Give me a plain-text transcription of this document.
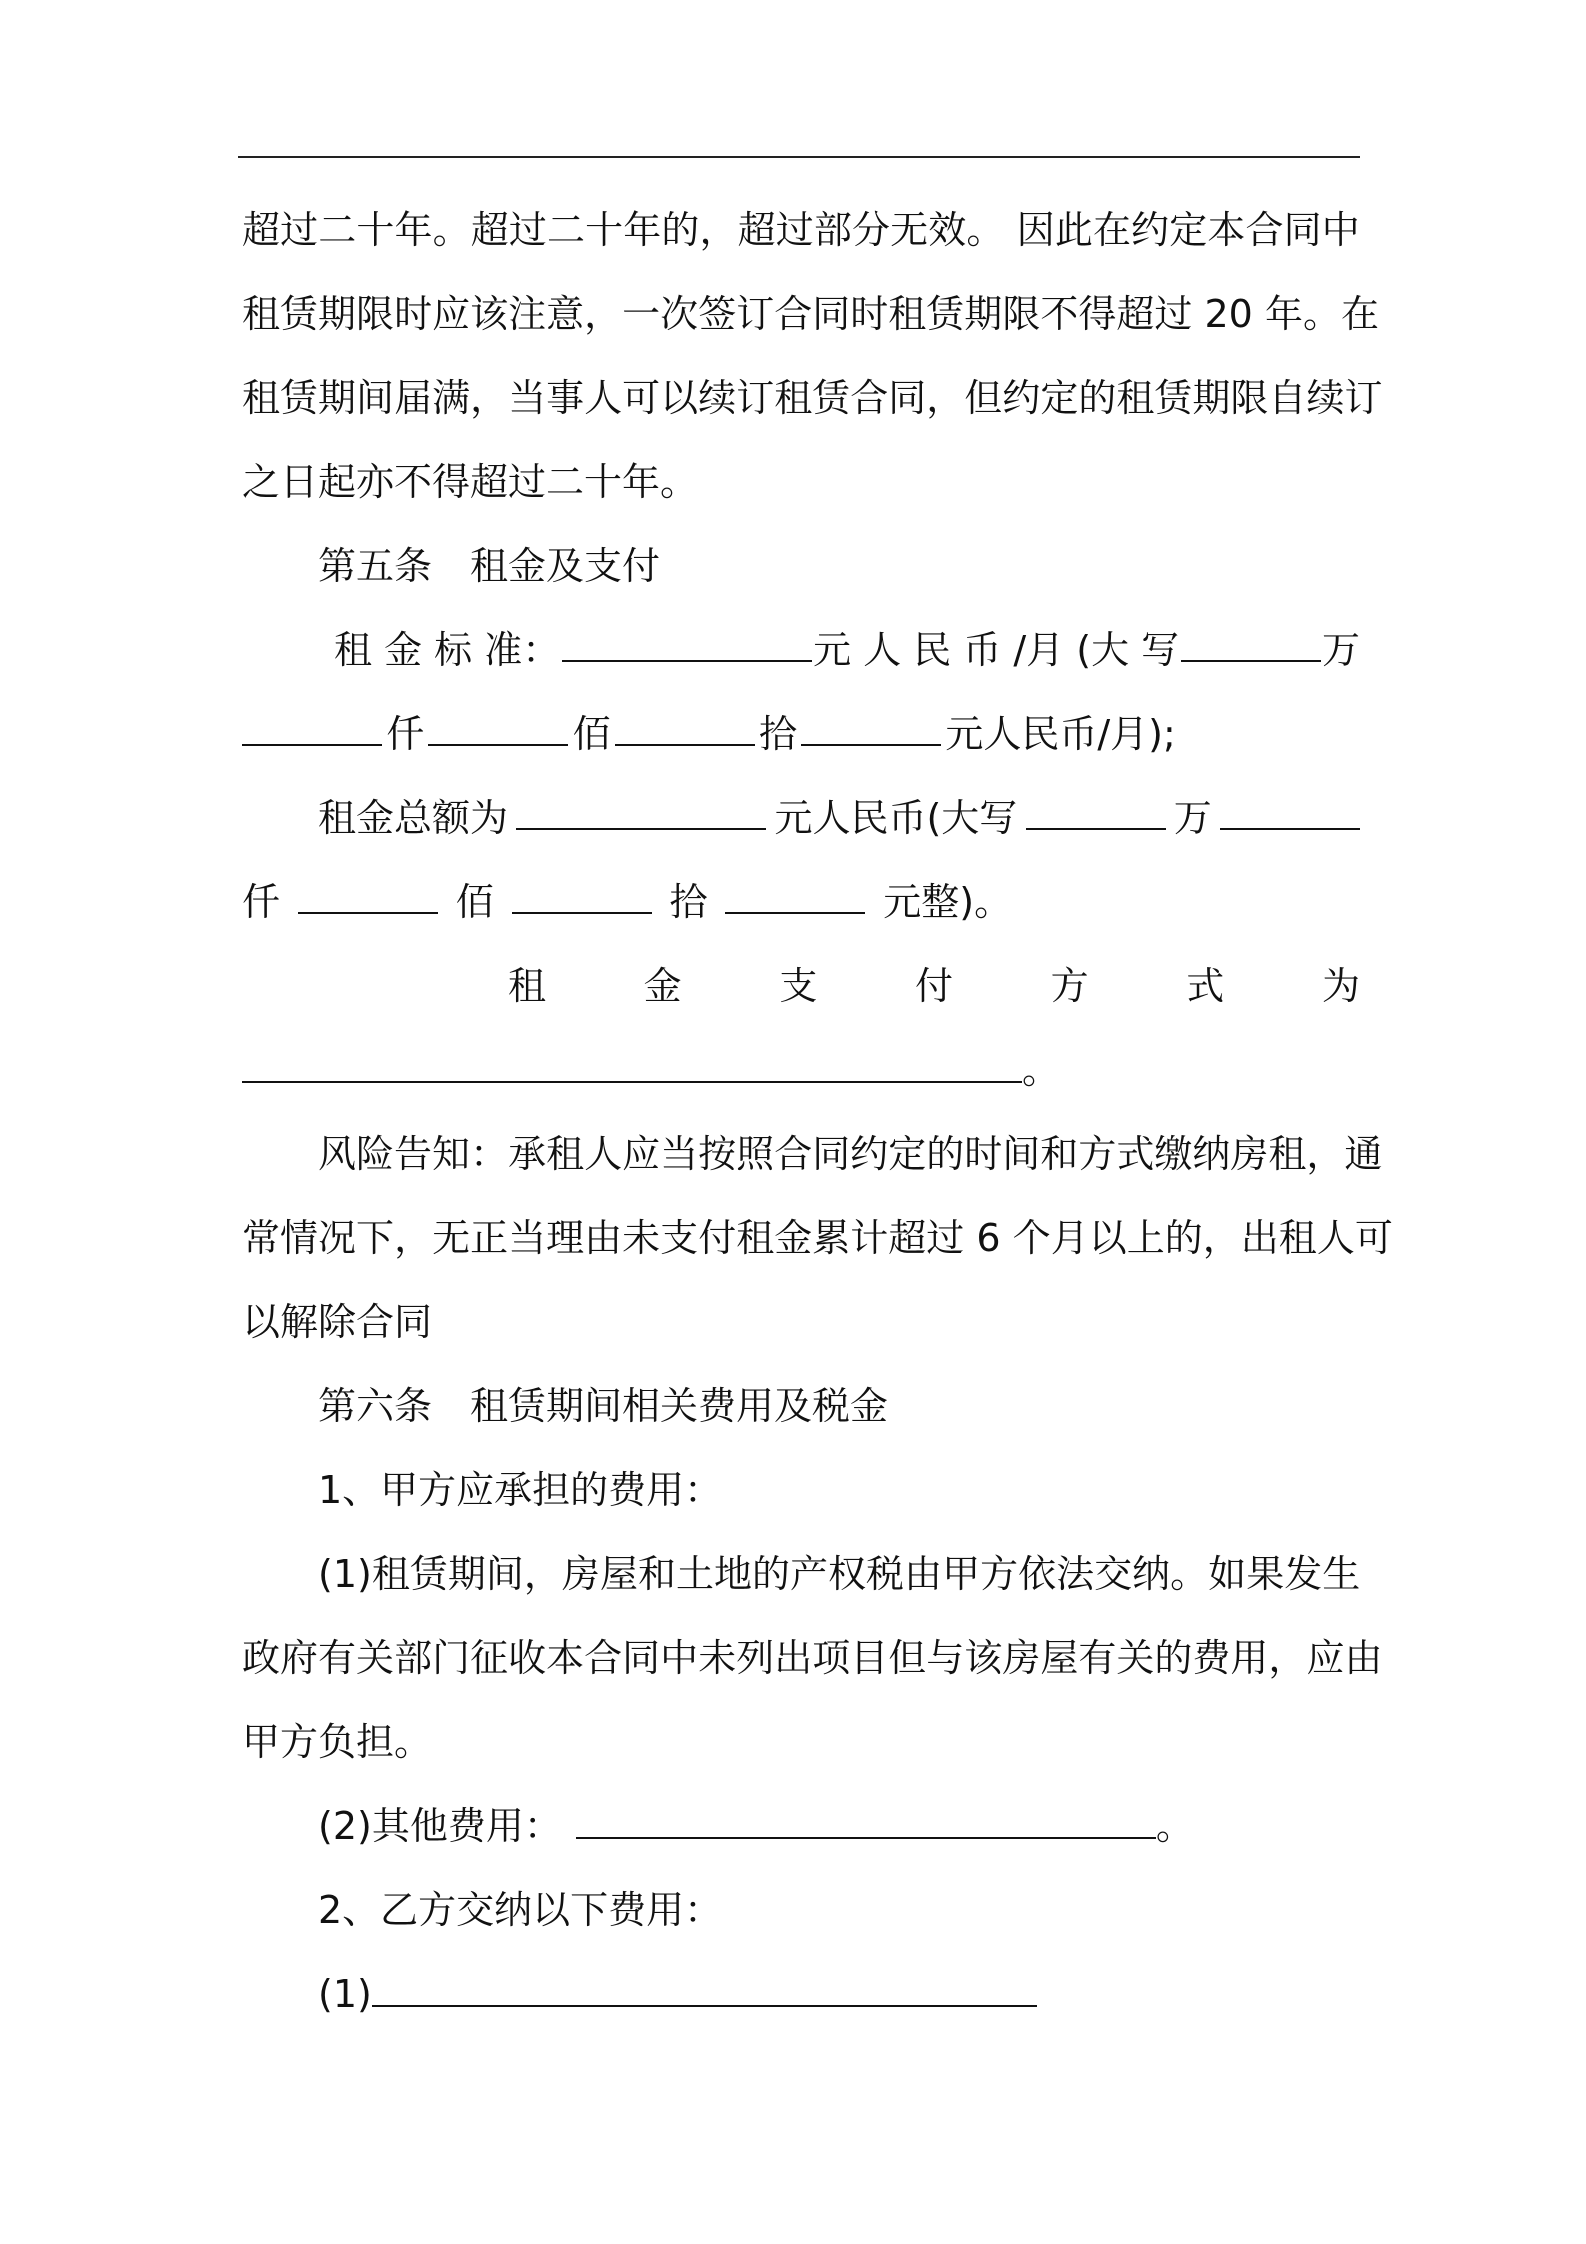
超 过 二 十 年 。 超 过 二 十 年 的 ， 超 过 部 分 无 效 。
因 此 在 约 定 本 合 同 中
租 赁 期 限 时 应 该 注 意 ， 一 次 签 订 合 同 时 租 赁 期 限 不 得 超 过
20
年 。 在
租 赁 期 间 届 满 ， 当 事 人 可 以 续 订 租 赁 合 同 ， 但 约 定 的 租 赁 期 限 自 续 订
之日起亦不得超过二十年。
第五条　租金及支付
租 金 标 准：	元 人 民 币 /月 (大 写	万
仟	佰	拾	元人民币/月);
租金总额为	元人民币(大写	万
仟	佰	拾	元整)。
租	金	支	付	方	式	为
。
风 险 告 知 ： 承 租 人 应 当 按 照 合 同 约 定 的 时 间 和 方 式 缴 纳 房 租 ， 通
常 情 况 下 ， 无 正 当 理 由 未 支 付 租 金 累 计 超 过
6
个 月 以 上 的 ， 出 租 人 可
以解除合同
第六条　租赁期间相关费用及税金
1、甲方应承担的费用：
( 1 ) 租 赁 期 间 ， 房 屋 和 土 地 的 产 权 税 由 甲 方 依 法 交 纳 。 如 果 发 生
政 府 有 关 部 门 征 收 本 合 同 中 未 列 出 项 目 但 与 该 房 屋 有 关 的 费 用 ， 应 由
甲方负担。
(2)其他费用：	。
2、乙方交纳以下费用：
(1)
